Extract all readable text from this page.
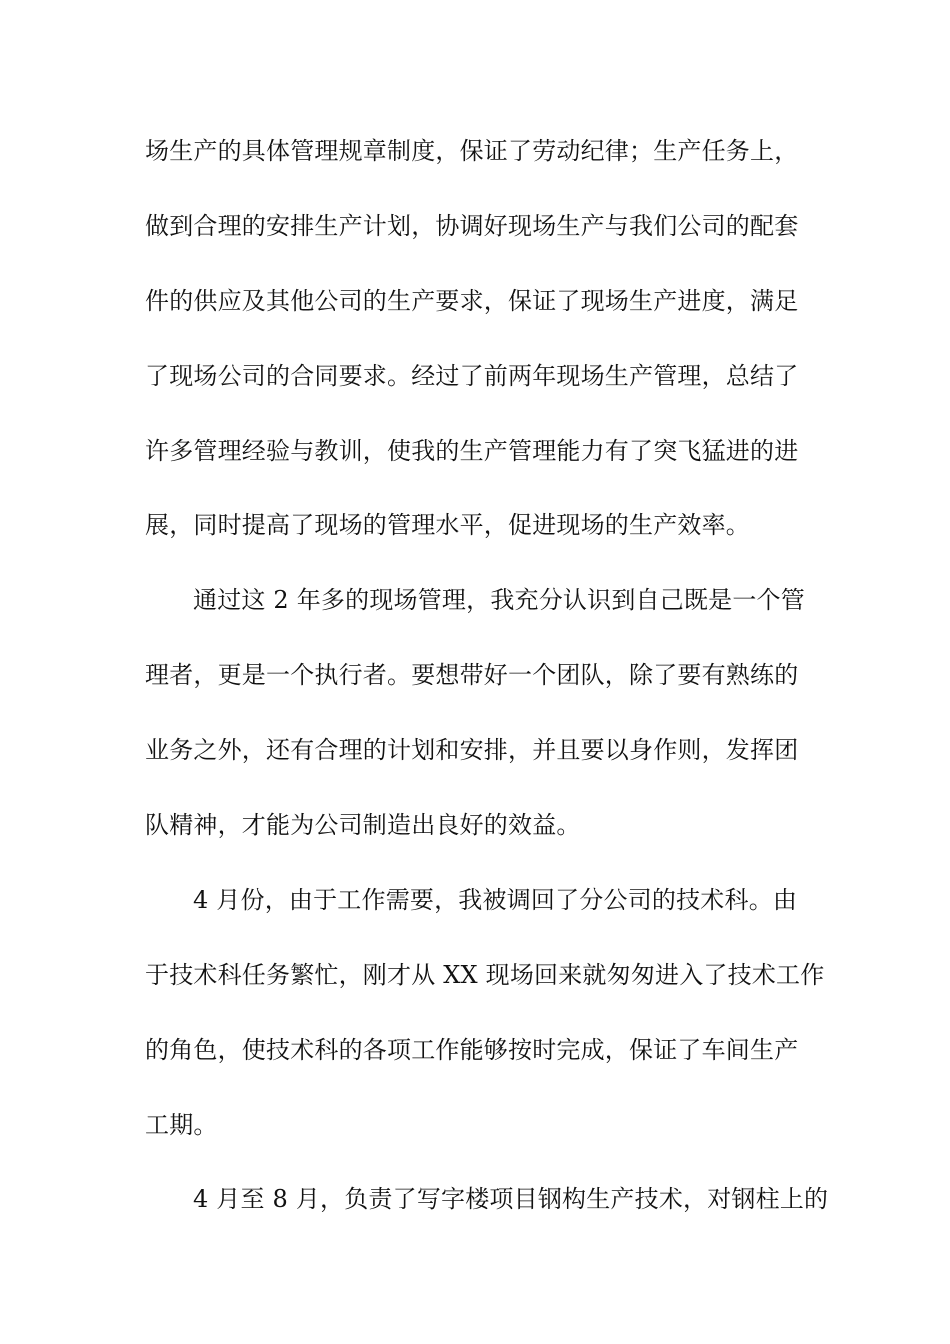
场生产的具体管理规章制度，保证了劳动纪律；生产任务上，
做到合理的安排生产计划，协调好现场生产与我们公司的配套
件的供应及其他公司的生产要求，保证了现场生产进度，满足
了现场公司的合同要求。经过了前两年现场生产管理，总结了
许多管理经验与教训，使我的生产管理能力有了突飞猛进的进
展，同时提高了现场的管理水平，促进现场的生产效率。
通过这 2 年多的现场管理，我充分认识到自己既是一个管
理者，更是一个执行者。要想带好一个团队，除了要有熟练的
业务之外，还有合理的计划和安排，并且要以身作则，发挥团
队精神，才能为公司制造出良好的效益。
4 月份，由于工作需要，我被调回了分公司的技术科。由
于技术科任务繁忙，刚才从 XX 现场回来就匆匆进入了技术工作
的角色，使技术科的各项工作能够按时完成，保证了车间生产
工期。
4 月至 8 月，负责了写字楼项目钢构生产技术，对钢柱上的
